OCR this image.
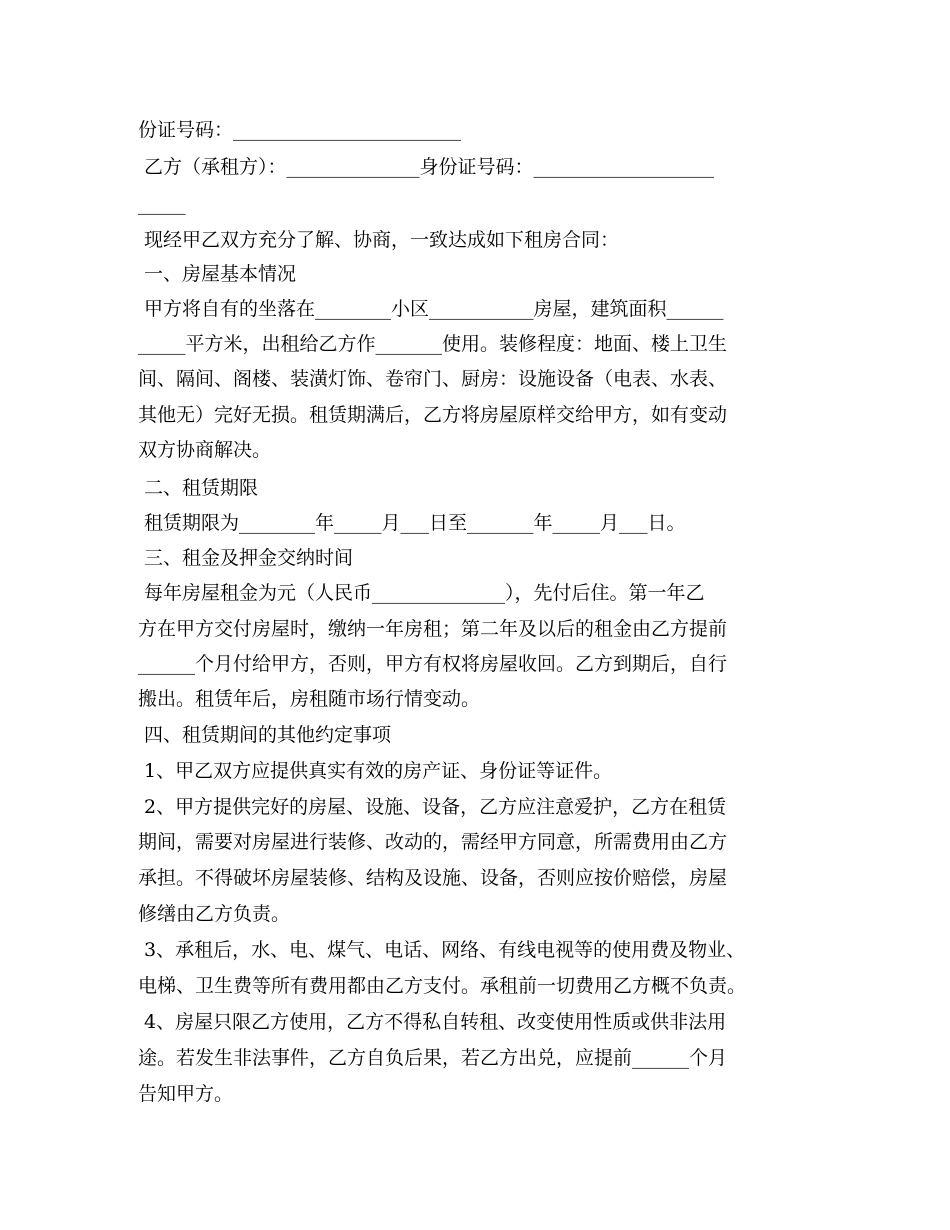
份证号码：________________________
乙方（承租方）：______________身份证号码：___________________
_____
现经甲乙双方充分了解、协商，一致达成如下租房合同：
一、房屋基本情况
甲方将自有的坐落在________小区___________房屋，建筑面积______
_____平方米，出租给乙方作_______使用。装修程度：地面、楼上卫生
间、隔间、阁楼、装潢灯饰、卷帘门、厨房：设施设备（电表、水表、
其他无）完好无损。租赁期满后，乙方将房屋原样交给甲方，如有变动
双方协商解决。
二、租赁期限
租赁期限为________年_____月___日至_______年_____月___日。
三、租金及押金交纳时间
每年房屋租金为元（人民币______________），先付后住。第一年乙
方在甲方交付房屋时，缴纳一年房租；第二年及以后的租金由乙方提前
______个月付给甲方，否则，甲方有权将房屋收回。乙方到期后，自行
搬出。租赁年后，房租随市场行情变动。
四、租赁期间的其他约定事项
1、甲乙双方应提供真实有效的房产证、身份证等证件。
2、甲方提供完好的房屋、设施、设备，乙方应注意爱护，乙方在租赁
期间，需要对房屋进行装修、改动的，需经甲方同意，所需费用由乙方
承担。不得破坏房屋装修、结构及设施、设备，否则应按价赔偿，房屋
修缮由乙方负责。
3、承租后，水、电、煤气、电话、网络、有线电视等的使用费及物业、
电梯、卫生费等所有费用都由乙方支付。承租前一切费用乙方概不负责。
4、房屋只限乙方使用，乙方不得私自转租、改变使用性质或供非法用
途。若发生非法事件，乙方自负后果，若乙方出兑，应提前______个月
告知甲方。
